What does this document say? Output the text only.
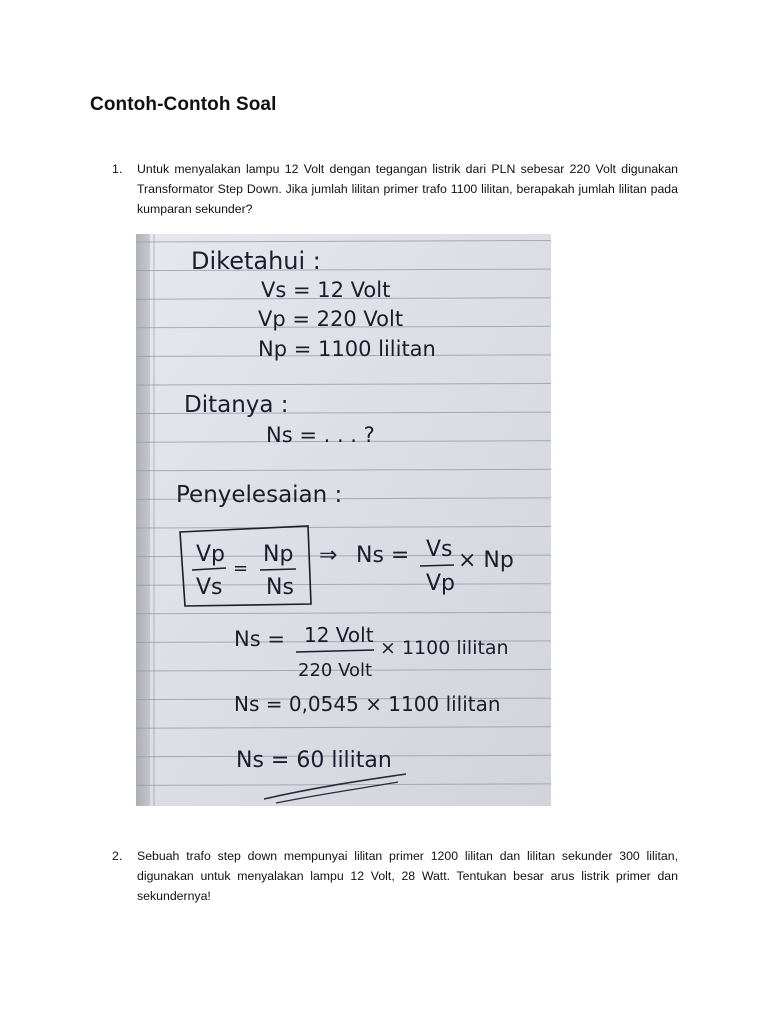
Contoh-Contoh Soal
1. Untuk menyalakan lampu 12 Volt dengan tegangan listrik dari PLN sebesar 220 Volt digunakan Transformator Step Down. Jika jumlah lilitan primer trafo 1100 lilitan, berapakah jumlah lilitan pada kumparan sekunder?
Diketahui :
Vs = 12 Volt
Vp = 220 Volt
Np = 1100 lilitan
Ditanya :
Ns = . . . ?
Penyelesaian :
Vp
Vs
=
Np
Ns
⇒ Ns = Vs
Vp
× Np
Ns = 12 Volt
220 Volt
× 1100 lilitan
Ns = 0,0545 × 1100 lilitan
Ns = 60 lilitan
2. Sebuah trafo step down mempunyai lilitan primer 1200 lilitan dan lilitan sekunder 300 lilitan, digunakan untuk menyalakan lampu 12 Volt, 28 Watt. Tentukan besar arus listrik primer dan sekundernya!
